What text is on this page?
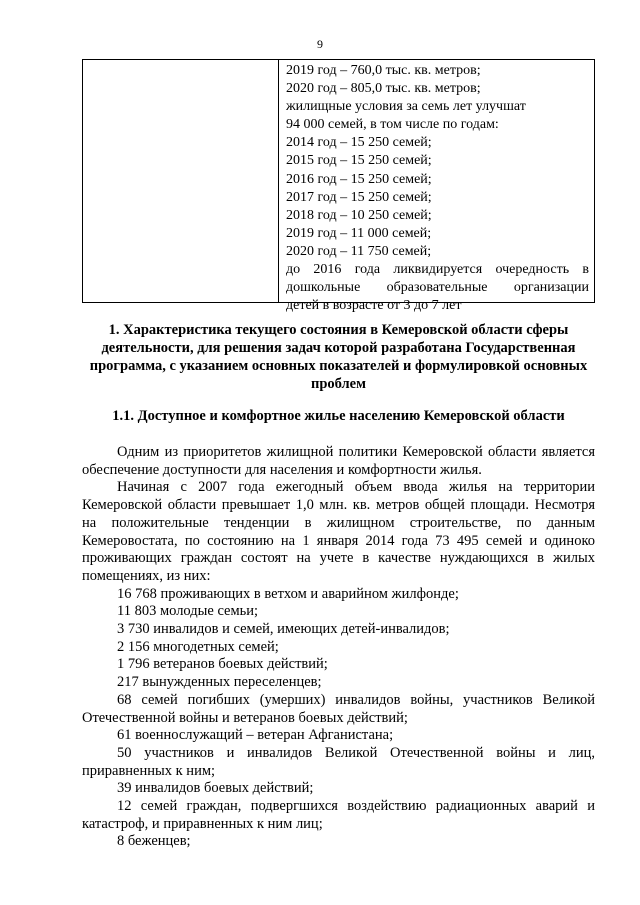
9
2019 год – 760,0 тыс. кв. метров;
2020 год – 805,0 тыс. кв. метров;
жилищные условия за семь лет улучшат
94 000 семей, в том числе по годам:
2014 год – 15 250 семей;
2015 год – 15 250 семей;
2016 год – 15 250 семей;
2017 год – 15 250 семей;
2018 год – 10 250 семей;
2019 год – 11 000 семей;
2020 год – 11 750 семей;
до 2016 года ликвидируется очередность в
дошкольные образовательные организации
детей в возрасте от 3 до 7 лет
1. Характеристика текущего состояния в Кемеровской области сферы деятельности, для решения задач которой разработана Государственная программа, с указанием основных показателей и формулировкой основных проблем
1.1. Доступное и комфортное жилье населению Кемеровской области

Одним из приоритетов жилищной политики Кемеровской области является обеспечение доступности для населения и комфортности жилья.

Начиная с 2007 года ежегодный объем ввода жилья на территории Кемеровской области превышает 1,0 млн. кв. метров общей площади. Несмотря на положительные тенденции в жилищном строительстве, по данным Кемеровостата, по состоянию на 1 января 2014 года 73 495 семей и одиноко проживающих граждан состоят на учете в качестве нуждающихся в жилых помещениях, из них:

16 768 проживающих в ветхом и аварийном жилфонде;

11 803 молодые семьи;

3 730 инвалидов и семей, имеющих детей-инвалидов;

2 156 многодетных семей;

1 796 ветеранов боевых действий;

217 вынужденных переселенцев;

68 семей погибших (умерших) инвалидов войны, участников Великой Отечественной войны и ветеранов боевых действий;

61 военнослужащий – ветеран Афганистана;

50 участников и инвалидов Великой Отечественной войны и лиц, приравненных к ним;

39 инвалидов боевых действий;

12 семей граждан, подвергшихся воздействию радиационных аварий и катастроф, и приравненных к ним лиц;

8 беженцев;
